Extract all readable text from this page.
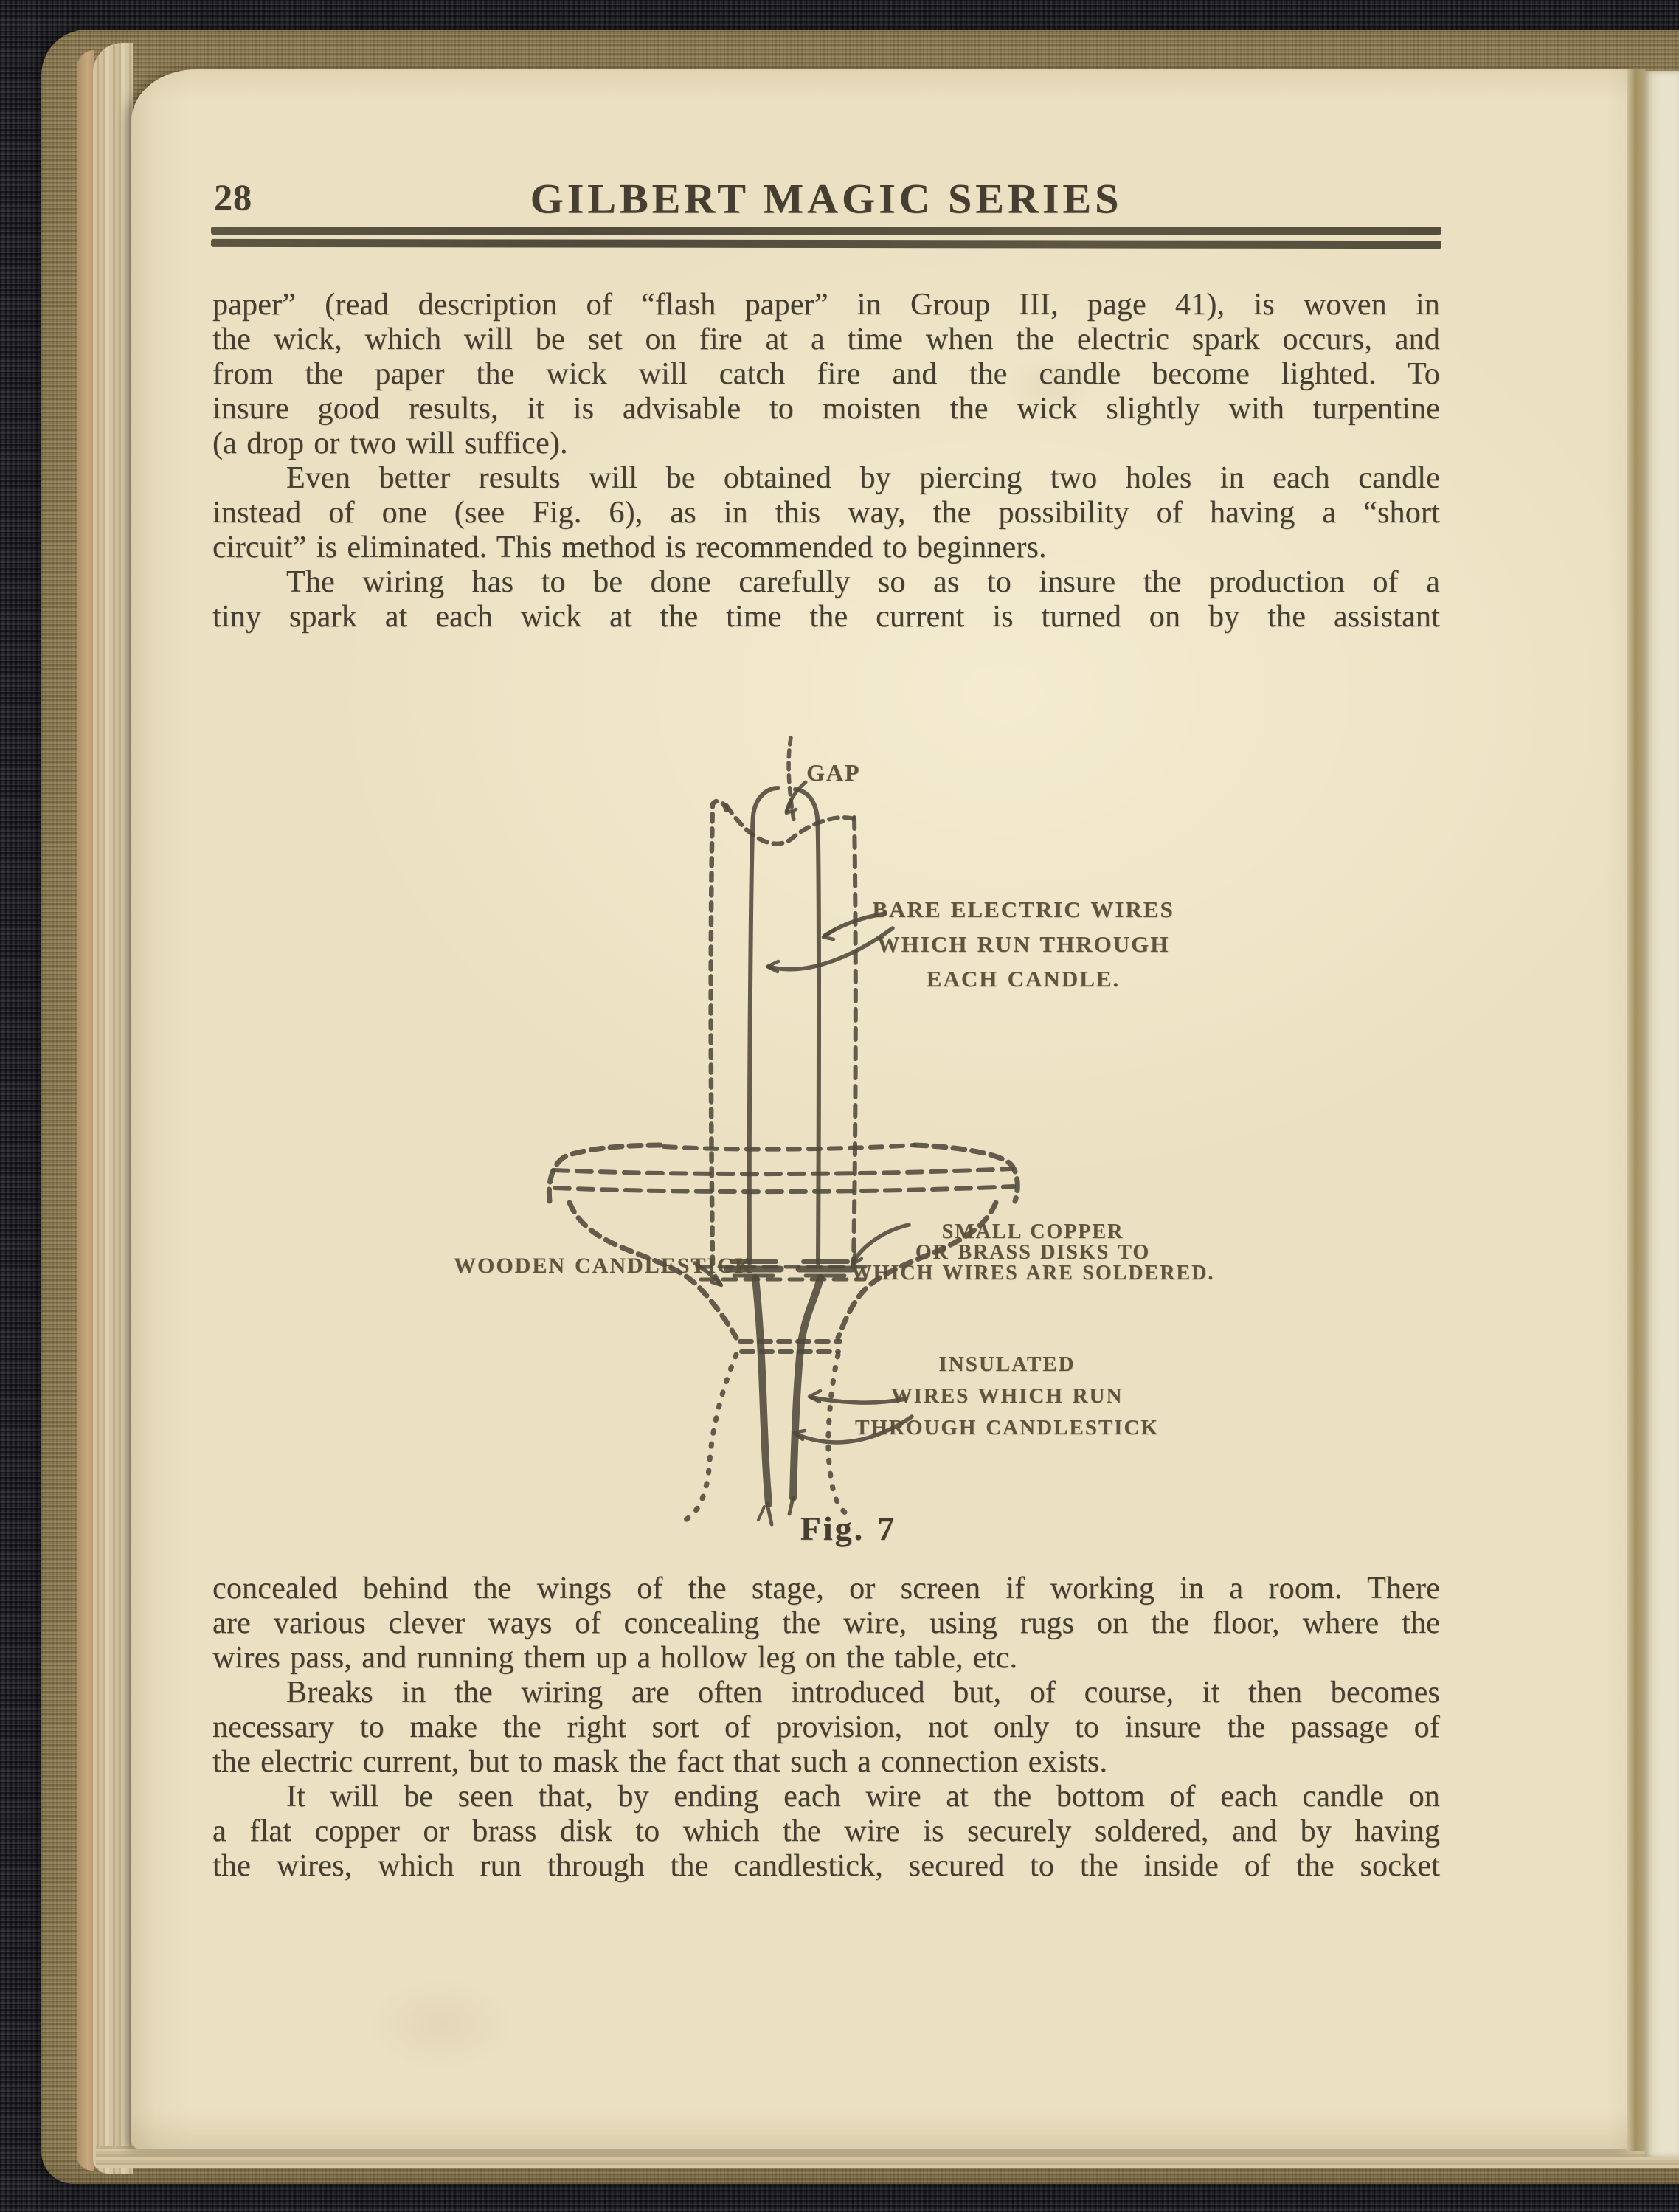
28	GILBERT MAGIC SERIES
paper” (read description of “flash paper” in Group III, page 41), is woven in
the wick, which will be set on fire at a time when the electric spark occurs, and
from the paper the wick will catch fire and the candle become lighted. To
insure good results, it is advisable to moisten the wick slightly with turpentine
(a drop or two will suffice).
Even better results will be obtained by piercing two holes in each candle
instead of one (see Fig. 6), as in this way, the possibility of having a “short
circuit” is eliminated. This method is recommended to beginners.
The wiring has to be done carefully so as to insure the production of a
tiny spark at each wick at the time the current is turned on by the assistant
GAP
BARE ELECTRIC WIRES WHICH RUN THROUGH EACH CANDLE.
WOODEN CANDLESTICK
SMALL COPPER OR BRASS DISKS TO WHICH WIRES ARE SOLDERED.
INSULATED WIRES WHICH RUN THROUGH CANDLESTICK
Fig. 7
concealed behind the wings of the stage, or screen if working in a room. There
are various clever ways of concealing the wire, using rugs on the floor, where the
wires pass, and running them up a hollow leg on the table, etc.
Breaks in the wiring are often introduced but, of course, it then becomes
necessary to make the right sort of provision, not only to insure the passage of
the electric current, but to mask the fact that such a connection exists.
It will be seen that, by ending each wire at the bottom of each candle on
a flat copper or brass disk to which the wire is securely soldered, and by having
the wires, which run through the candlestick, secured to the inside of the socket
